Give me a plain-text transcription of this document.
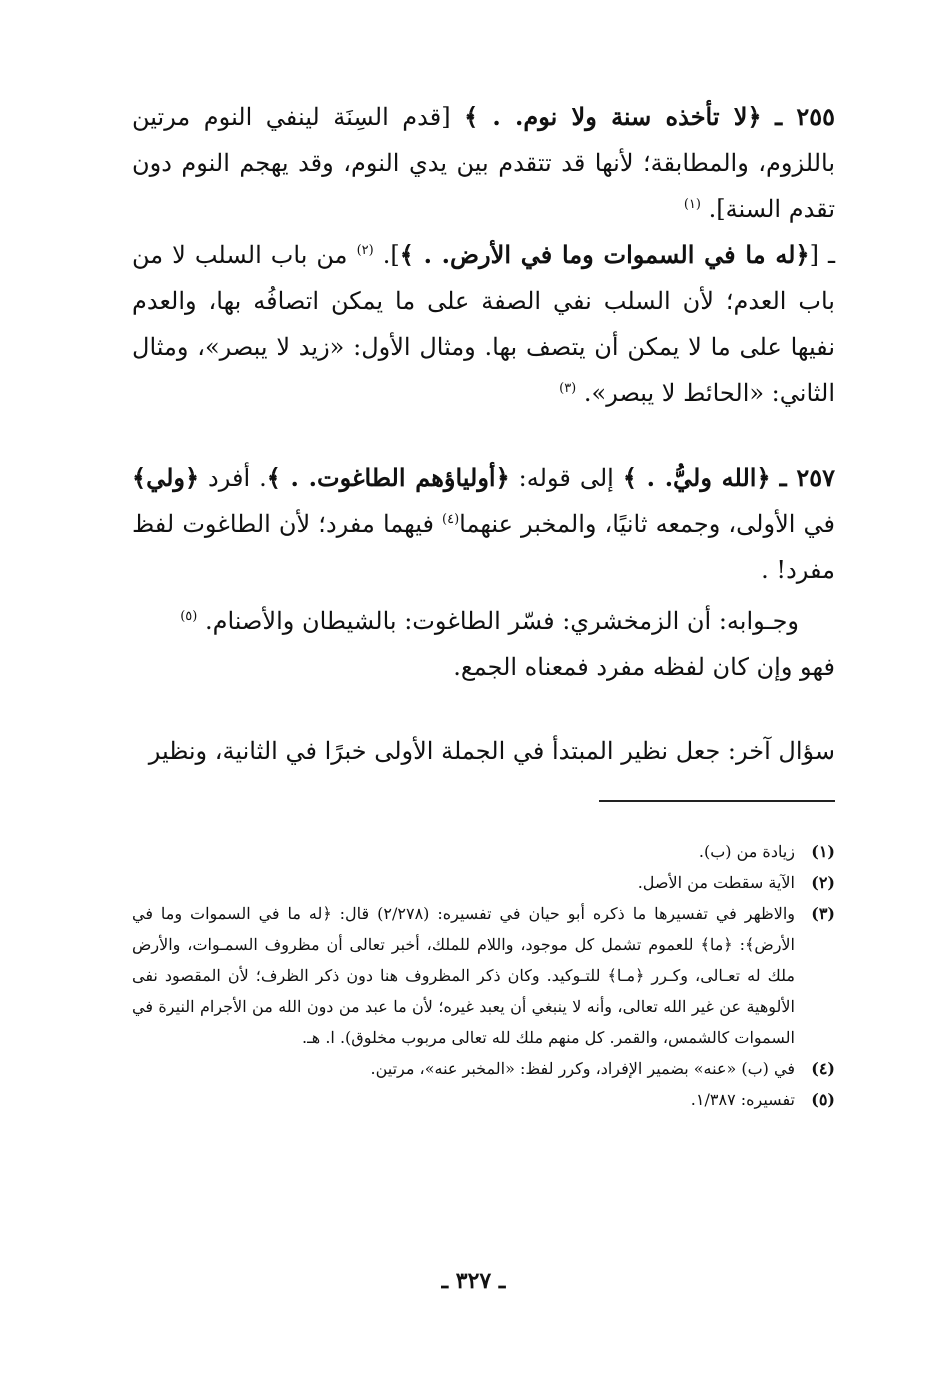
٢٥٥ ـ ﴿لا تأخذه سنة ولا نوم. . ﴾ [قدم السِنَة لينفي النوم مرتين باللزوم، والمطابقة؛ لأنها قد تتقدم بين يدي النوم، وقد يهجم النوم دون تقدم السنة]. $^{(١)}$

ـ [﴿له ما في السموات وما في الأرض. . ﴾]. $^{(٢)}$ من باب السلب لا من باب العدم؛ لأن السلب نفي الصفة على ما يمكن اتصافُه بها، والعدم نفيها على ما لا يمكن أن يتصف بها. ومثال الأول: «زيد لا يبصر»، ومثال الثاني: «الحائط لا يبصر». $^{(٣)}$

٢٥٧ ـ ﴿الله وليُّ. . ﴾ إلى قوله: ﴿أولياؤهم الطاغوت. . ﴾. أفرد ﴿ولي﴾ في الأولى، وجمعه ثانيًا، والمخبر عنهما$^{(٤)}$ فيهما مفرد؛ لأن الطاغوت لفظ مفرد! .

وجـوابه: أن الزمخشري: فسّر الطاغوت: بالشيطان والأصنام. $^{(٥)}$
فهو وإن كان لفظه مفرد فمعناه الجمع.

سؤال آخر: جعل نظير المبتدأ في الجملة الأولى خبرًا في الثانية، ونظير

(١)
زيادة من (ب).

(٢)
الآية سقطت من الأصل.

(٣)
والاظهر في تفسيرها ما ذكره أبو حيان في تفسيره: (٢/٢٧٨) قال: ﴿له ما في السموات وما في الأرض﴾: ﴿ما﴾ للعموم تشمل كل موجود، واللام للملك، أخبر تعالى أن مظروف السمـوات، والأرض ملك له تعـالى، وكـرر ﴿مـا﴾ للتـوكيد. وكان ذكر المظروف هنا دون ذكر الظرف؛ لأن المقصود نفى الألوهية عن غير الله تعالى، وأنه لا ينبغي أن يعبد غيره؛ لأن ما عبد من دون الله من الأجرام النيرة في السموات كالشمس، والقمر. كل منهم ملك لله تعالى مربوب مخلوق). ا. هـ.

(٤)
في (ب) «عنه» بضمير الإفراد، وكرر لفظ: «المخبر عنه»، مرتين.

(٥)
تفسيره: ١/٣٨٧.

ـ ٣٢٧ ـ
